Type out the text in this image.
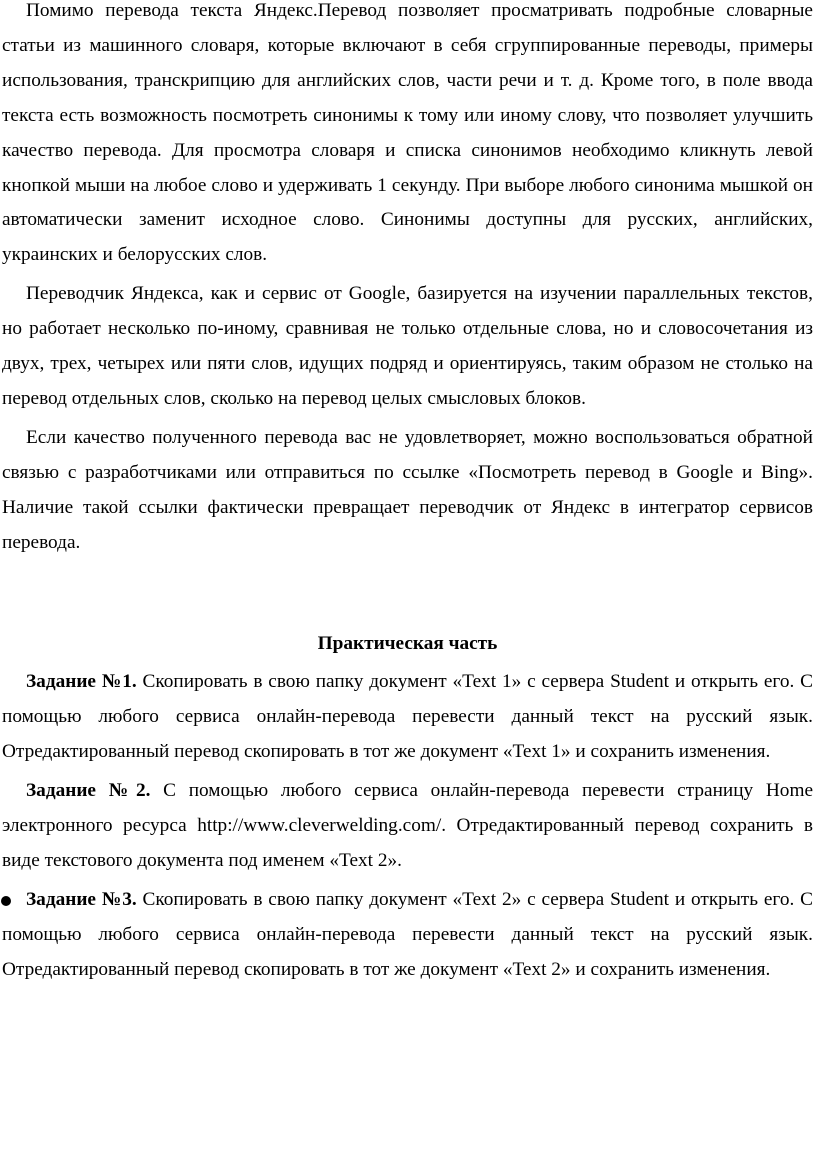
Помимо перевода текста Яндекс.Перевод позволяет просматривать подробные словарные статьи из машинного словаря, которые включают в себя сгруппированные переводы, примеры использования, транскрипцию для английских слов, части речи и т. д. Кроме того, в поле ввода текста есть возможность посмотреть синонимы к тому или иному слову, что позволяет улучшить качество перевода. Для просмотра словаря и списка синонимов необходимо кликнуть левой кнопкой мыши на любое слово и удерживать 1 секунду. При выборе любого синонима мышкой он автоматически заменит исходное слово. Синонимы доступны для русских, английских, украинских и белорусских слов.

Переводчик Яндекса, как и сервис от Google, базируется на изучении параллельных текстов, но работает несколько по-иному, сравнивая не только отдельные слова, но и словосочетания из двух, трех, четырех или пяти слов, идущих подряд и ориентируясь, таким образом не столько на перевод отдельных слов, сколько на перевод целых смысловых блоков.

Если качество полученного перевода вас не удовлетворяет, можно воспользоваться обратной связью с разработчиками или отправиться по ссылке «Посмотреть перевод в Google и Bing». Наличие такой ссылки фактически превращает переводчик от Яндекс в интегратор сервисов перевода.

Практическая часть

Задание №1. Скопировать в свою папку документ «Text 1» с сервера Student и открыть его. С помощью любого сервиса онлайн-перевода перевести данный текст на русский язык. Отредактированный перевод скопировать в тот же документ «Text 1» и сохранить изменения.

Задание №2. С помощью любого сервиса онлайн-перевода перевести страницу Home электронного ресурса http://www.cleverwelding.com/. Отредактированный перевод сохранить в виде текстового документа под именем «Text 2».

Задание №3. Скопировать в свою папку документ «Text 2» с сервера Student и открыть его. С помощью любого сервиса онлайн-перевода перевести данный текст на русский язык. Отредактированный перевод скопировать в тот же документ «Text 2» и сохранить изменения.
